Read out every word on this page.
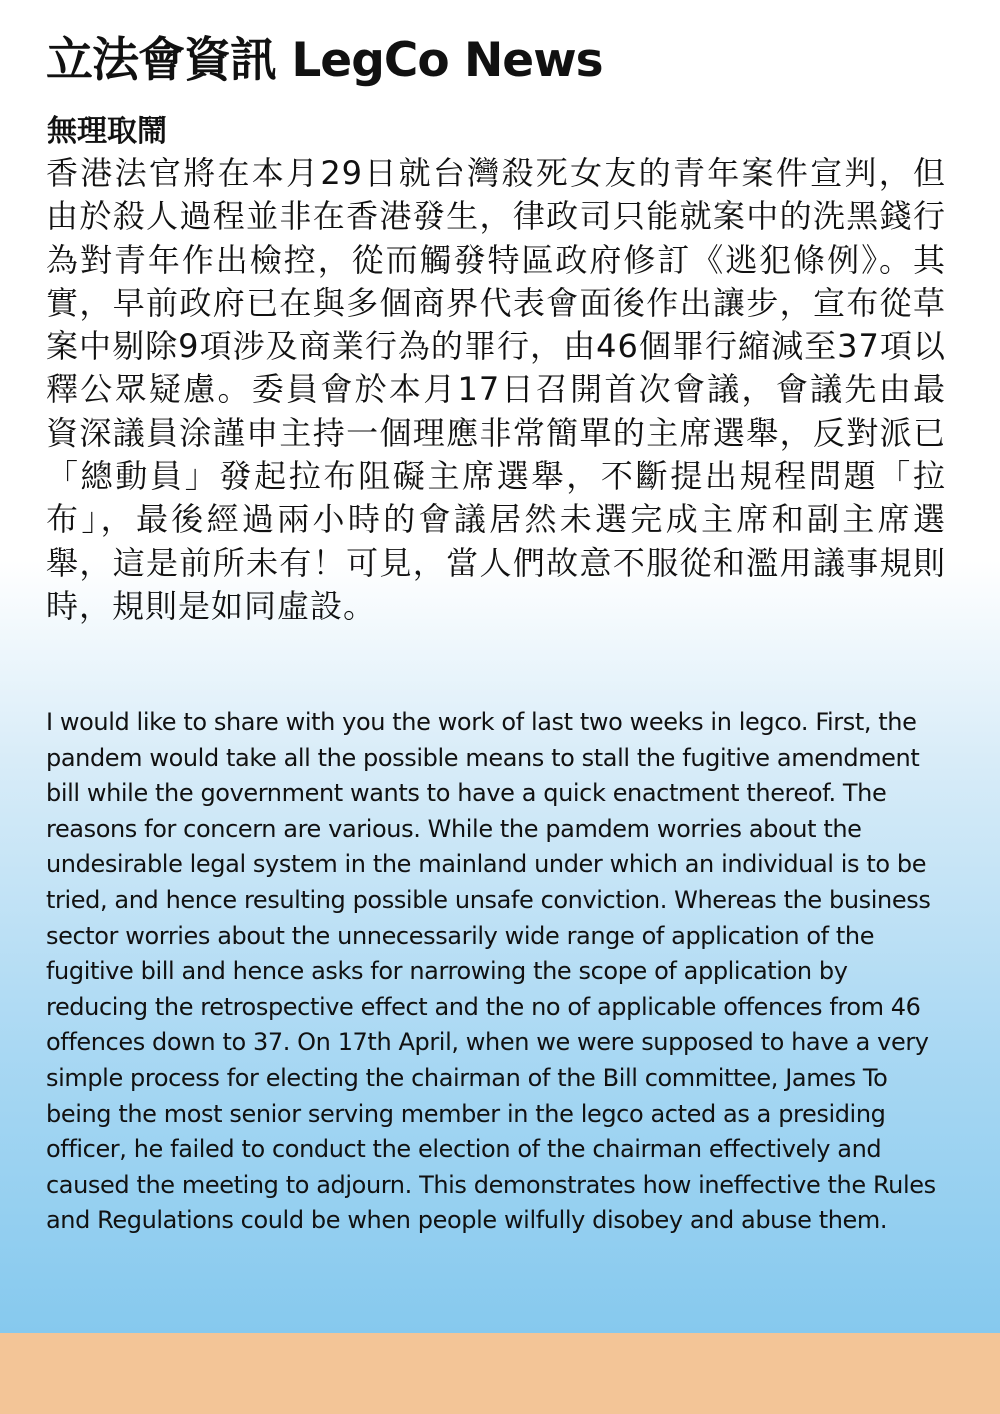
立法會資訊 LegCo News
無理取鬧

香港法官將在本月29日就台灣殺死女友的青年案件宣判，但由於殺人過程並非在香港發生，律政司只能就案中的洗黑錢行為對青年作出檢控，從而觸發特區政府修訂《逃犯條例》。其實，早前政府已在與多個商界代表會面後作出讓步，宣布從草案中剔除9項涉及商業行為的罪行，由46個罪行縮減至37項以釋公眾疑慮。委員會於本月17日召開首次會議，會議先由最資深議員涂謹申主持一個理應非常簡單的主席選舉，反對派已「總動員」發起拉布阻礙主席選舉，不斷提出規程問題「拉布」，最後經過兩小時的會議居然未選完成主席和副主席選舉，這是前所未有！可見，當人們故意不服從和濫用議事規則時，規則是如同虛設。

I would like to share with you the work of last two weeks in legco. First, the pandem would take all the possible means to stall the fugitive amendment bill while the government wants to have a quick enactment thereof. The reasons for concern are various. While the pamdem worries about the undesirable legal system in the mainland under which an individual is to be tried, and hence resulting possible unsafe conviction. Whereas the business sector worries about the unnecessarily wide range of application of the fugitive bill and hence asks for narrowing the scope of application by reducing the retrospective effect and the no of applicable offences from 46 offences down to 37. On 17th April, when we were supposed to have a very simple process for electing the chairman of the Bill committee, James To being the most senior serving member in the legco acted as a presiding officer, he failed to conduct the election of the chairman effectively and caused the meeting to adjourn. This demonstrates how ineffective the Rules and Regulations could be when people wilfully disobey and abuse them.
